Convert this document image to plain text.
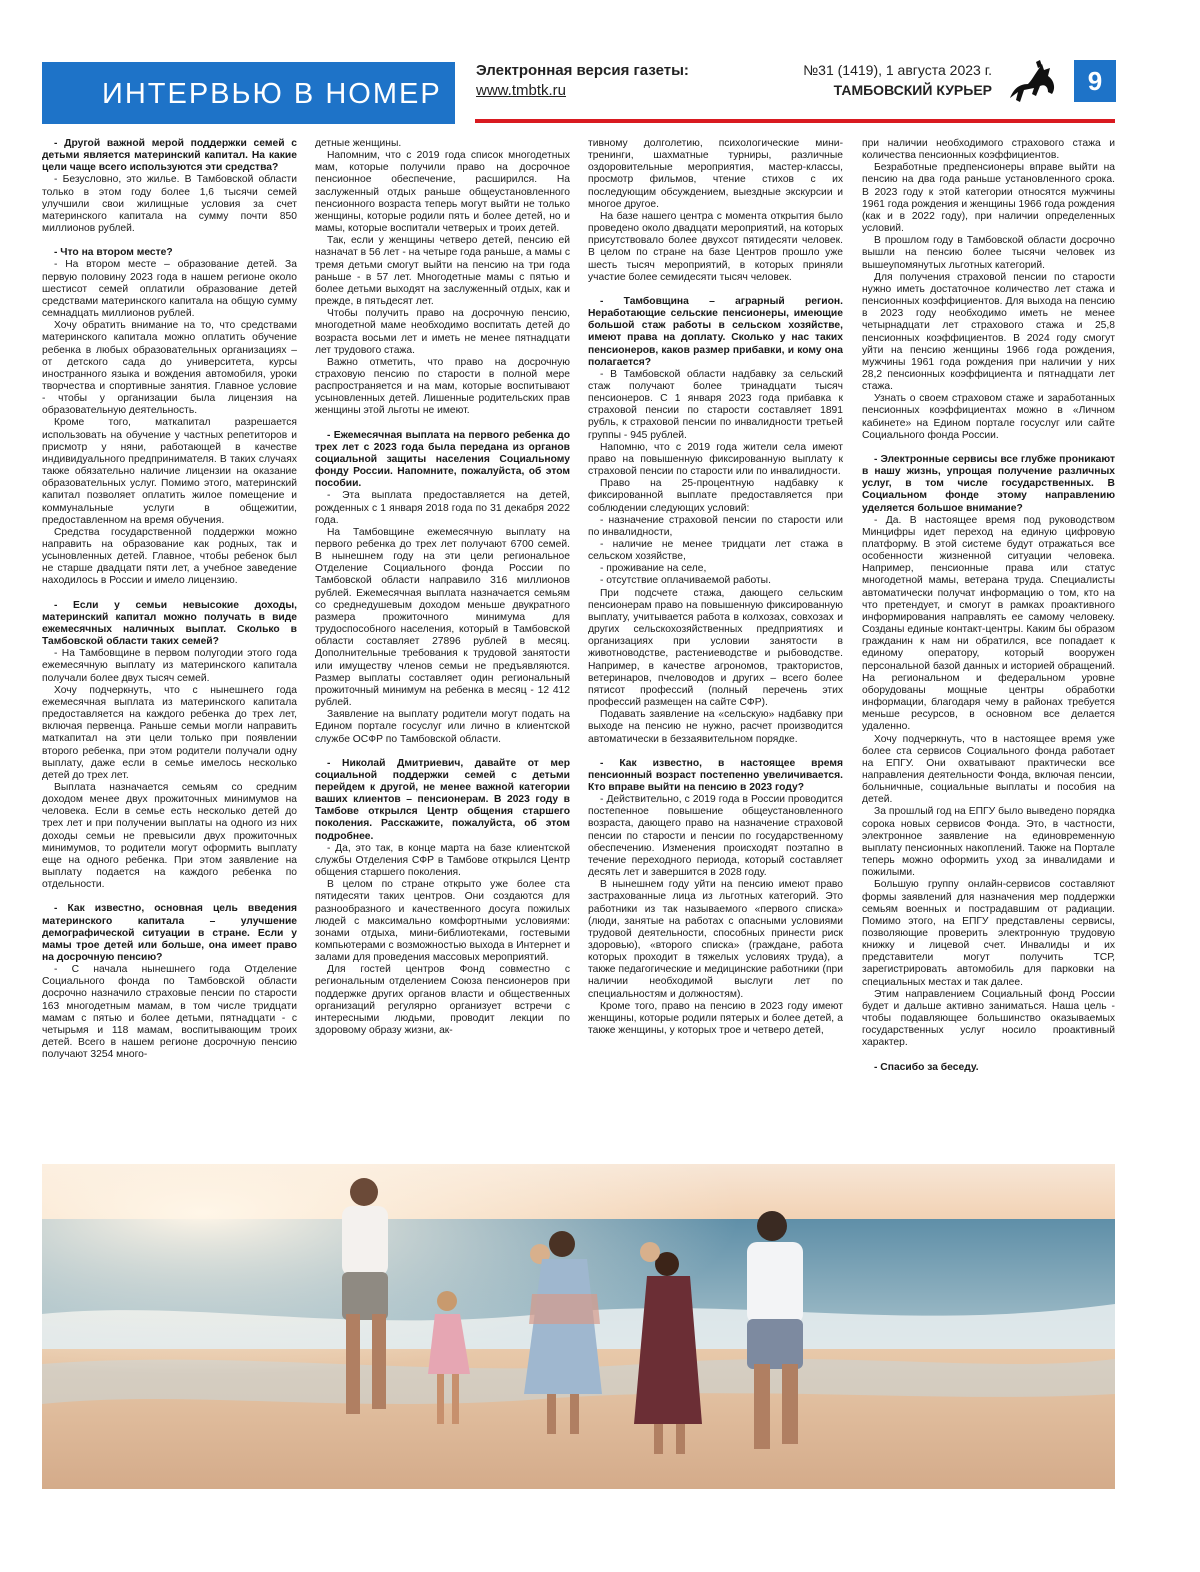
ИНТЕРВЬЮ В НОМЕР
Электронная версия газеты:
www.tmbtk.ru
№31 (1419), 1 августа 2023 г.
ТАМБОВСКИЙ КУРЬЕР	9

- Другой важной мерой поддержки семей с детьми является материнский капитал. На какие цели чаще всего используются эти средства?

- Безусловно, это жилье. В Тамбовской области только в этом году более 1,6 тысячи семей улучшили свои жилищные условия за счет материнского капитала на сумму почти 850 миллионов рублей.

- Что на втором месте?

- На втором месте – образование детей. За первую половину 2023 года в нашем регионе около шестисот семей оплатили образование детей средствами материнского капитала на общую сумму семнадцать миллионов рублей.

Хочу обратить внимание на то, что средствами материнского капитала можно оплатить обучение ребенка в любых образовательных организациях – от детского сада до университета, курсы иностранного языка и вождения автомобиля, уроки творчества и спортивные занятия. Главное условие - чтобы у организации была лицензия на образовательную деятельность.

Кроме того, маткапитал разрешается использовать на обучение у частных репетиторов и присмотр у няни, работающей в качестве индивидуального предпринимателя. В таких случаях также обязательно наличие лицензии на оказание образовательных услуг. Помимо этого, материнский капитал позволяет оплатить жилое помещение и коммунальные услуги в общежитии, предоставленном на время обучения.

Средства государственной поддержки можно направить на образование как родных, так и усыновленных детей. Главное, чтобы ребенок был не старше двадцати пяти лет, а учебное заведение находилось в России и имело лицензию.

- Если у семьи невысокие доходы, материнский капитал можно получать в виде ежемесячных наличных выплат. Сколько в Тамбовской области таких семей?

- На Тамбовщине в первом полугодии этого года ежемесячную выплату из материнского капитала получали более двух тысяч семей.

Хочу подчеркнуть, что с нынешнего года ежемесячная выплата из материнского капитала предоставляется на каждого ребенка до трех лет, включая первенца. Раньше семьи могли направить маткапитал на эти цели только при появлении второго ребенка, при этом родители получали одну выплату, даже если в семье имелось несколько детей до трех лет.

Выплата назначается семьям со средним доходом менее двух прожиточных минимумов на человека. Если в семье есть несколько детей до трех лет и при получении выплаты на одного из них доходы семьи не превысили двух прожиточных минимумов, то родители могут оформить выплату еще на одного ребенка. При этом заявление на выплату подается на каждого ребенка по отдельности.

- Как известно, основная цель введения материнского капитала – улучшение демографической ситуации в стране. Если у мамы трое детей или больше, она имеет право на досрочную пенсию?

- С начала нынешнего года Отделение Социального фонда по Тамбовской области досрочно назначило страховые пенсии по старости 163 многодетным мамам, в том числе тридцати мамам с пятью и более детьми, пятнадцати - с четырьмя и 118 мамам, воспитывающим троих детей. Всего в нашем регионе досрочную пенсию получают 3254 много-

детные женщины.

Напомним, что с 2019 года список многодетных мам, которые получили право на досрочное пенсионное обеспечение, расширился. На заслуженный отдых раньше общеустановленного пенсионного возраста теперь могут выйти не только женщины, которые родили пять и более детей, но и мамы, которые воспитали четверых и троих детей.

Так, если у женщины четверо детей, пенсию ей назначат в 56 лет - на четыре года раньше, а мамы с тремя детьми смогут выйти на пенсию на три года раньше - в 57 лет. Многодетные мамы с пятью и более детьми выходят на заслуженный отдых, как и прежде, в пятьдесят лет.

Чтобы получить право на досрочную пенсию, многодетной маме необходимо воспитать детей до возраста восьми лет и иметь не менее пятнадцати лет трудового стажа.

Важно отметить, что право на досрочную страховую пенсию по старости в полной мере распространяется и на мам, которые воспитывают усыновленных детей. Лишенные родительских прав женщины этой льготы не имеют.

- Ежемесячная выплата на первого ребенка до трех лет с 2023 года была передана из органов социальной защиты населения Социальному фонду России. Напомните, пожалуйста, об этом пособии.

- Эта выплата предоставляется на детей, рожденных с 1 января 2018 года по 31 декабря 2022 года.

На Тамбовщине ежемесячную выплату на первого ребенка до трех лет получают 6700 семей. В нынешнем году на эти цели региональное Отделение Социального фонда России по Тамбовской области направило 316 миллионов рублей. Ежемесячная выплата назначается семьям со среднедушевым доходом меньше двукратного размера прожиточного минимума для трудоспособного населения, который в Тамбовской области составляет 27896 рублей в месяц. Дополнительные требования к трудовой занятости или имуществу членов семьи не предъявляются. Размер выплаты составляет один региональный прожиточный минимум на ребенка в месяц - 12 412 рублей.

Заявление на выплату родители могут подать на Едином портале госуслуг или лично в клиентской службе ОСФР по Тамбовской области.

- Николай Дмитриевич, давайте от мер социальной поддержки семей с детьми перейдем к другой, не менее важной категории ваших клиентов – пенсионерам. В 2023 году в Тамбове открылся Центр общения старшего поколения. Расскажите, пожалуйста, об этом подробнее.

- Да, это так, в конце марта на базе клиентской службы Отделения СФР в Тамбове открылся Центр общения старшего поколения.

В целом по стране открыто уже более ста пятидесяти таких центров. Они создаются для разнообразного и качественного досуга пожилых людей с максимально комфортными условиями: зонами отдыха, мини-библиотеками, гостевыми компьютерами с возможностью выхода в Интернет и залами для проведения массовых мероприятий.

Для гостей центров Фонд совместно с региональным отделением Союза пенсионеров при поддержке других органов власти и общественных организаций регулярно организует встречи с интересными людьми, проводит лекции по здоровому образу жизни, ак-

тивному долголетию, психологические мини-тренинги, шахматные турниры, различные оздоровительные мероприятия, мастер-классы, просмотр фильмов, чтение стихов с их последующим обсуждением, выездные экскурсии и многое другое.

На базе нашего центра с момента открытия было проведено около двадцати мероприятий, на которых присутствовало более двухсот пятидесяти человек. В целом по стране на базе Центров прошло уже шесть тысяч мероприятий, в которых приняли участие более семидесяти тысяч человек.

- Тамбовщина – аграрный регион. Неработающие сельские пенсионеры, имеющие большой стаж работы в сельском хозяйстве, имеют права на доплату. Сколько у нас таких пенсионеров, каков размер прибавки, и кому она полагается?

- В Тамбовской области надбавку за сельский стаж получают более тринадцати тысяч пенсионеров. С 1 января 2023 года прибавка к страховой пенсии по старости составляет 1891 рубль, к страховой пенсии по инвалидности третьей группы - 945 рублей.

Напомню, что с 2019 года жители села имеют право на повышенную фиксированную выплату к страховой пенсии по старости или по инвалидности.

Право на 25-процентную надбавку к фиксированной выплате предоставляется при соблюдении следующих условий:

- назначение страховой пенсии по старости или по инвалидности,

- наличие не менее тридцати лет стажа в сельском хозяйстве,

- проживание на селе,

- отсутствие оплачиваемой работы.

При подсчете стажа, дающего сельским пенсионерам право на повышенную фиксированную выплату, учитывается работа в колхозах, совхозах и других сельскохозяйственных предприятиях и организациях при условии занятости в животноводстве, растениеводстве и рыбоводстве. Например, в качестве агрономов, трактористов, ветеринаров, пчеловодов и других – всего более пятисот профессий (полный перечень этих профессий размещен на сайте СФР).

Подавать заявление на «сельскую» надбавку при выходе на пенсию не нужно, расчет производится автоматически в беззаявительном порядке.

- Как известно, в настоящее время пенсионный возраст постепенно увеличивается. Кто вправе выйти на пенсию в 2023 году?

- Действительно, с 2019 года в России проводится постепенное повышение общеустановленного возраста, дающего право на назначение страховой пенсии по старости и пенсии по государственному обеспечению. Изменения происходят поэтапно в течение переходного периода, который составляет десять лет и завершится в 2028 году.

В нынешнем году уйти на пенсию имеют право застрахованные лица из льготных категорий. Это работники из так называемого «первого списка» (люди, занятые на работах с опасными условиями трудовой деятельности, способных принести риск здоровью), «второго списка» (граждане, работа которых проходит в тяжелых условиях труда), а также педагогические и медицинские работники (при наличии необходимой выслуги лет по специальностям и должностям).

Кроме того, право на пенсию в 2023 году имеют женщины, которые родили пятерых и более детей, а также женщины, у которых трое и четверо детей,

при наличии необходимого страхового стажа и количества пенсионных коэффициентов.

Безработные предпенсионеры вправе выйти на пенсию на два года раньше установленного срока. В 2023 году к этой категории относятся мужчины 1961 года рождения и женщины 1966 года рождения (как и в 2022 году), при наличии определенных условий.

В прошлом году в Тамбовской области досрочно вышли на пенсию более тысячи человек из вышеупомянутых льготных категорий.

Для получения страховой пенсии по старости нужно иметь достаточное количество лет стажа и пенсионных коэффициентов. Для выхода на пенсию в 2023 году необходимо иметь не менее четырнадцати лет страхового стажа и 25,8 пенсионных коэффициентов. В 2024 году смогут уйти на пенсию женщины 1966 года рождения, мужчины 1961 года рождения при наличии у них 28,2 пенсионных коэффициента и пятнадцати лет стажа.

Узнать о своем страховом стаже и заработанных пенсионных коэффициентах можно в «Личном кабинете» на Едином портале госуслуг или сайте Социального фонда России.

- Электронные сервисы все глубже проникают в нашу жизнь, упрощая получение различных услуг, в том числе государственных. В Социальном фонде этому направлению уделяется большое внимание?

- Да. В настоящее время под руководством Минцифры идет переход на единую цифровую платформу. В этой системе будут отражаться все особенности жизненной ситуации человека. Например, пенсионные права или статус многодетной мамы, ветерана труда. Специалисты автоматически получат информацию о том, кто на что претендует, и смогут в рамках проактивного информирования направлять ее самому человеку. Созданы единые контакт-центры. Каким бы образом гражданин к нам ни обратился, все попадает к единому оператору, который вооружен персональной базой данных и историей обращений. На региональном и федеральном уровне оборудованы мощные центры обработки информации, благодаря чему в районах требуется меньше ресурсов, в основном все делается удаленно.

Хочу подчеркнуть, что в настоящее время уже более ста сервисов Социального фонда работает на ЕПГУ. Они охватывают практически все направления деятельности Фонда, включая пенсии, больничные, социальные выплаты и пособия на детей.

За прошлый год на ЕПГУ было выведено порядка сорока новых сервисов Фонда. Это, в частности, электронное заявление на единовременную выплату пенсионных накоплений. Также на Портале теперь можно оформить уход за инвалидами и пожилыми.

Большую группу онлайн-сервисов составляют формы заявлений для назначения мер поддержки семьям военных и пострадавшим от радиации. Помимо этого, на ЕПГУ представлены сервисы, позволяющие проверить электронную трудовую книжку и лицевой счет. Инвалиды и их представители могут получить ТСР, зарегистрировать автомобиль для парковки на специальных местах и так далее.

Этим направлением Социальный фонд России будет и дальше активно заниматься. Наша цель - чтобы подавляющее большинство оказываемых государственных услуг носило проактивный характер.

- Спасибо за беседу.
